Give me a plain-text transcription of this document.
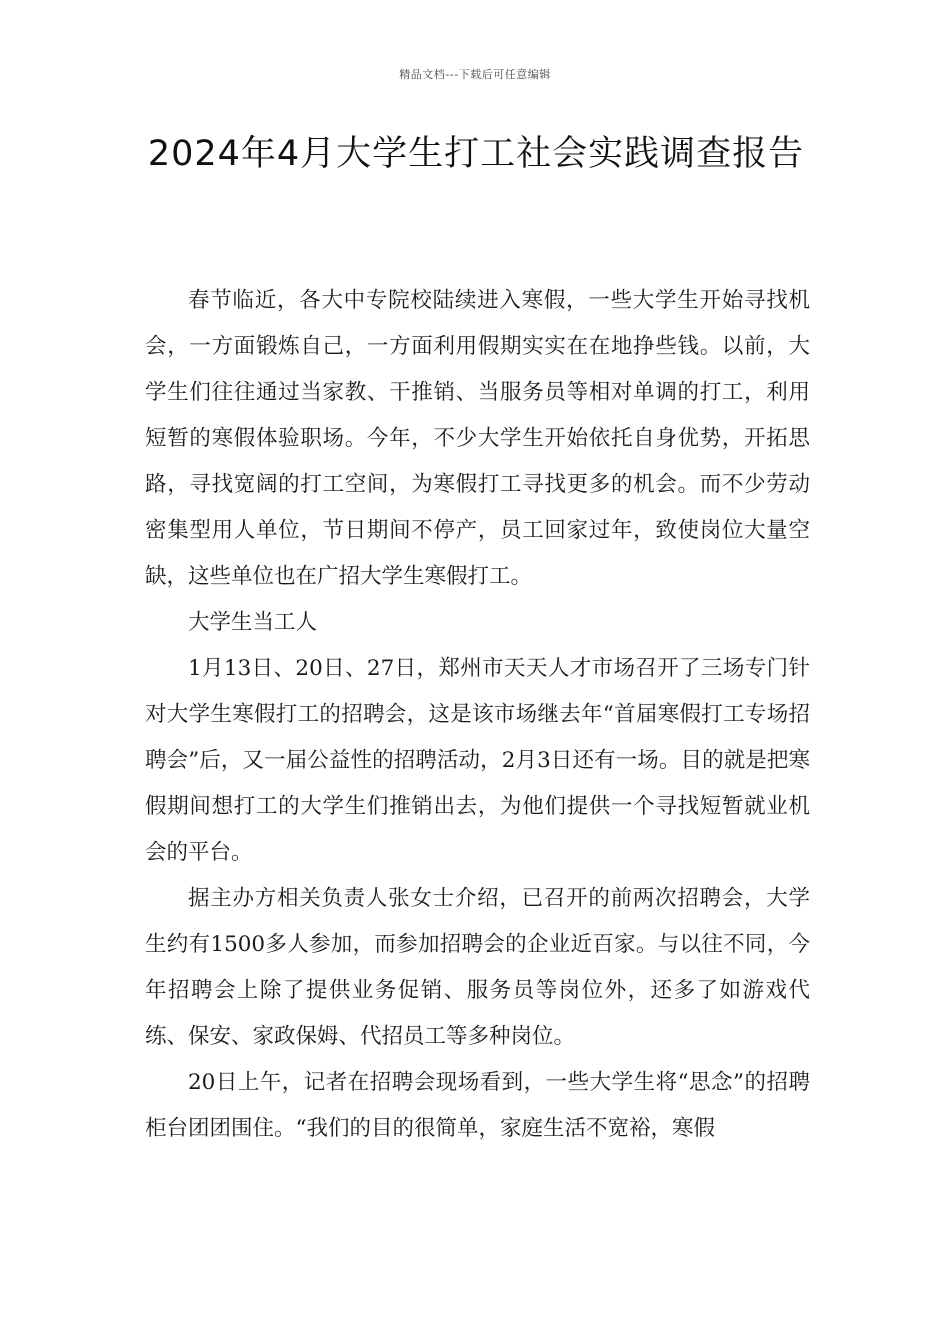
精品文档---下载后可任意编辑
2024年4月大学生打工社会实践调查报告

春节临近，各大中专院校陆续进入寒假，一些大学生开始寻找机会，一方面锻炼自己，一方面利用假期实实在在地挣些钱。以前，大学生们往往通过当家教、干推销、当服务员等相对单调的打工，利用短暂的寒假体验职场。今年，不少大学生开始依托自身优势，开拓思路，寻找宽阔的打工空间，为寒假打工寻找更多的机会。而不少劳动密集型用人单位，节日期间不停产，员工回家过年，致使岗位大量空缺，这些单位也在广招大学生寒假打工。

大学生当工人

1月13日、20日、27日，郑州市天天人才市场召开了三场专门针对大学生寒假打工的招聘会，这是该市场继去年“首届寒假打工专场招聘会”后，又一届公益性的招聘活动，2月3日还有一场。目的就是把寒假期间想打工的大学生们推销出去，为他们提供一个寻找短暂就业机会的平台。

据主办方相关负责人张女士介绍，已召开的前两次招聘会，大学生约有1500多人参加，而参加招聘会的企业近百家。与以往不同，今年招聘会上除了提供业务促销、服务员等岗位外，还多了如游戏代练、保安、家政保姆、代招员工等多种岗位。

20日上午，记者在招聘会现场看到，一些大学生将“思念”的招聘柜台团团围住。“我们的目的很简单，家庭生活不宽裕，寒假
